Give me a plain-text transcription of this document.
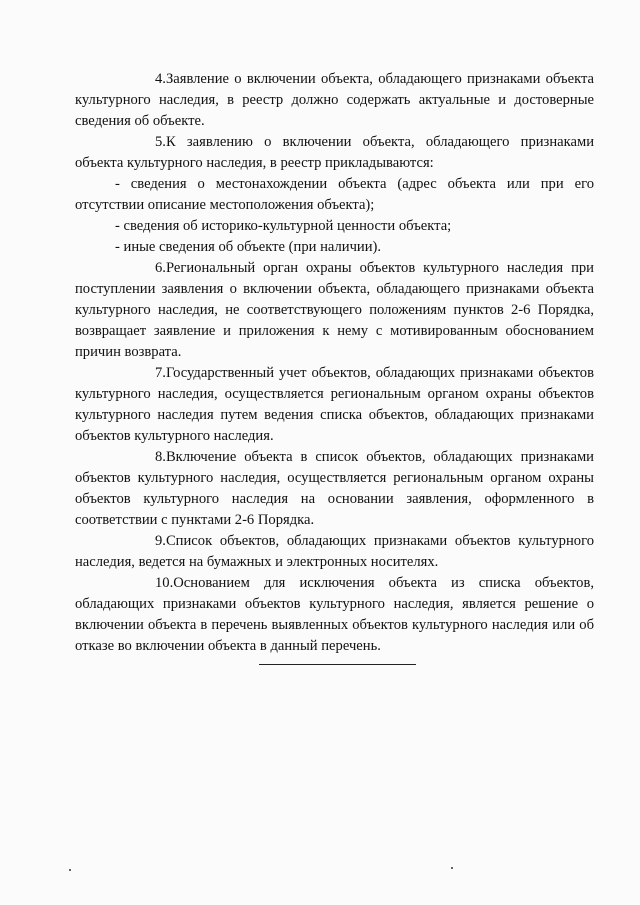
4.Заявление о включении объекта, обладающего признаками объекта культурного наследия, в реестр должно содержать актуальные и достоверные сведения об объекте.

5.К заявлению о включении объекта, обладающего признаками объекта культурного наследия, в реестр прикладываются:

- сведения о местонахождении объекта (адрес объекта или при его отсутствии описание местоположения объекта);

- сведения об историко-культурной ценности объекта;

- иные сведения об объекте (при наличии).

6.Региональный орган охраны объектов культурного наследия при поступлении заявления о включении объекта, обладающего признаками объекта культурного наследия, не соответствующего положениям пунктов 2-6 Порядка, возвращает заявление и приложения к нему с мотивированным обоснованием причин возврата.

7.Государственный учет объектов, обладающих признаками объектов культурного наследия, осуществляется региональным органом охраны объектов культурного наследия путем ведения списка объектов, обладающих признаками объектов культурного наследия.

8.Включение объекта в список объектов, обладающих признаками объектов культурного наследия, осуществляется региональным органом охраны объектов культурного наследия на основании заявления, оформленного в соответствии с пунктами 2-6 Порядка.

9.Список объектов, обладающих признаками объектов культурного наследия, ведется на бумажных и электронных носителях.

10.Основанием для исключения объекта из списка объектов, обладающих признаками объектов культурного наследия, является решение о включении объекта в перечень выявленных объектов культурного наследия или об отказе во включении объекта в данный перечень.
